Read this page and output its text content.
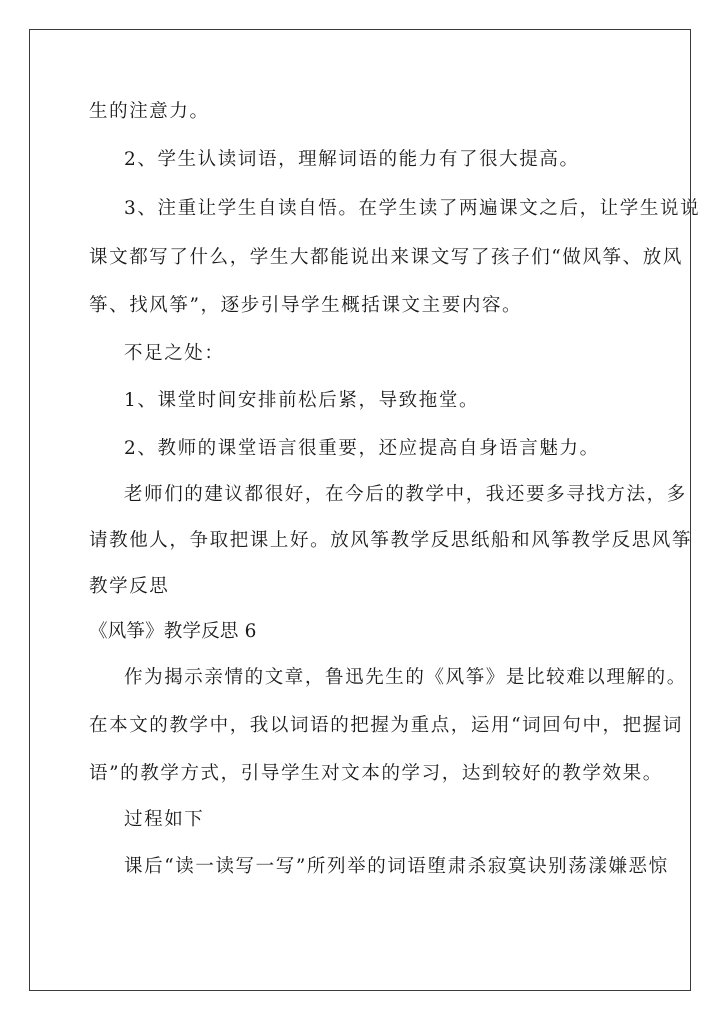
生的注意力。
2、学生认读词语，理解词语的能力有了很大提高。
3、注重让学生自读自悟。在学生读了两遍课文之后，让学生说说
课文都写了什么，学生大都能说出来课文写了孩子们“做风筝、放风
筝、找风筝”，逐步引导学生概括课文主要内容。
不足之处：
1、课堂时间安排前松后紧，导致拖堂。
2、教师的课堂语言很重要，还应提高自身语言魅力。
老师们的建议都很好，在今后的教学中，我还要多寻找方法，多
请教他人，争取把课上好。放风筝教学反思纸船和风筝教学反思风筝
教学反思
《风筝》教学反思 6
作为揭示亲情的文章，鲁迅先生的《风筝》是比较难以理解的。
在本文的教学中，我以词语的把握为重点，运用“词回句中，把握词
语”的教学方式，引导学生对文本的学习，达到较好的教学效果。
过程如下
课后“读一读写一写”所列举的词语堕肃杀寂寞诀别荡漾嫌恶惊
